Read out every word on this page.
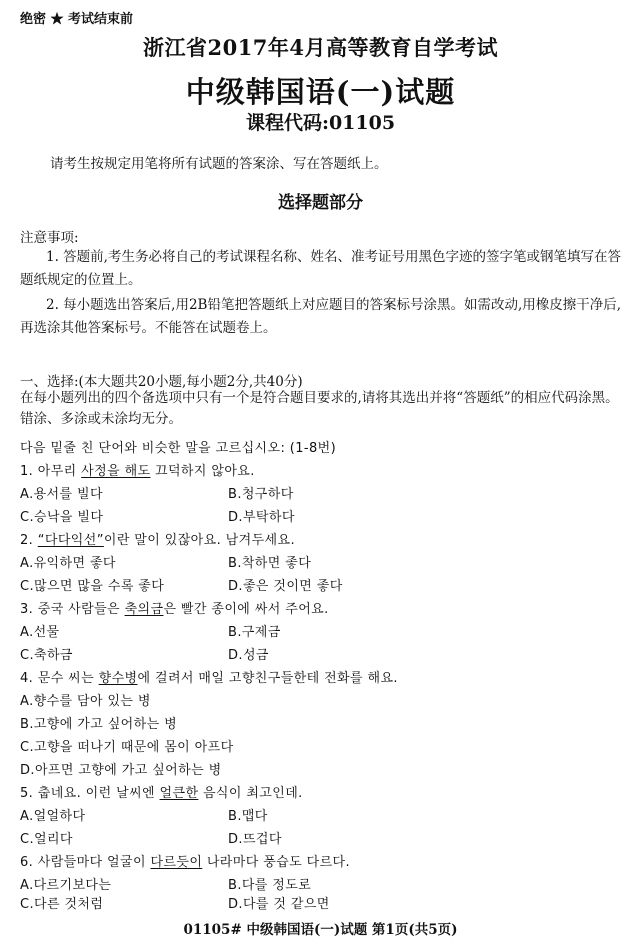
绝密 ★ 考试结束前
浙江省2017年4月高等教育自学考试
中级韩国语(一)试题
课程代码:01105
请考生按规定用笔将所有试题的答案涂、写在答题纸上。
选择题部分
注意事项:
1. 答题前,考生务必将自己的考试课程名称、姓名、准考证号用黑色字迹的签字笔或钢笔填写在答题纸规定的位置上。
2. 每小题选出答案后,用2B铅笔把答题纸上对应题目的答案标号涂黑。如需改动,用橡皮擦干净后,再选涂其他答案标号。不能答在试题卷上。
一、选择:(本大题共20小题,每小题2分,共40分)
在每小题列出的四个备选项中只有一个是符合题目要求的,请将其选出并将“答题纸”的相应代码涂黑。错涂、多涂或未涂均无分。
다음 밑줄 친 단어와 비슷한 말을 고르십시오: (1-8번)
1. 아무리 사정을 해도 끄덕하지 않아요.
A.용서를 빌다	B.청구하다
C.승낙을 빌다	D.부탁하다
2. “다다익선”이란 말이 있잖아요. 남겨두세요.
A.유익하면 좋다	B.착하면 좋다
C.많으면 많을 수록 좋다	D.좋은 것이면 좋다
3. 중국 사람들은 축의금은 빨간 종이에 싸서 주어요.
A.선물	B.구제금
C.축하금	D.성금
4. 문수 씨는 향수병에 걸려서 매일 고향친구들한테 전화를 해요.
A.향수를 담아 있는 병
B.고향에 가고 싶어하는 병
C.고향을 떠나기 때문에 몸이 아프다
D.아프면 고향에 가고 싶어하는 병
5. 춥네요. 이런 날씨엔 얼큰한 음식이 최고인데.
A.얼얼하다	B.맵다
C.얼리다	D.뜨겁다
6. 사람들마다 얼굴이 다르듯이 나라마다 풍습도 다르다.
A.다르기보다는	B.다를 정도로
C.다른 것처럼	D.다를 것 같으면
01105# 中级韩国语(一)试题 第1页(共5页)
